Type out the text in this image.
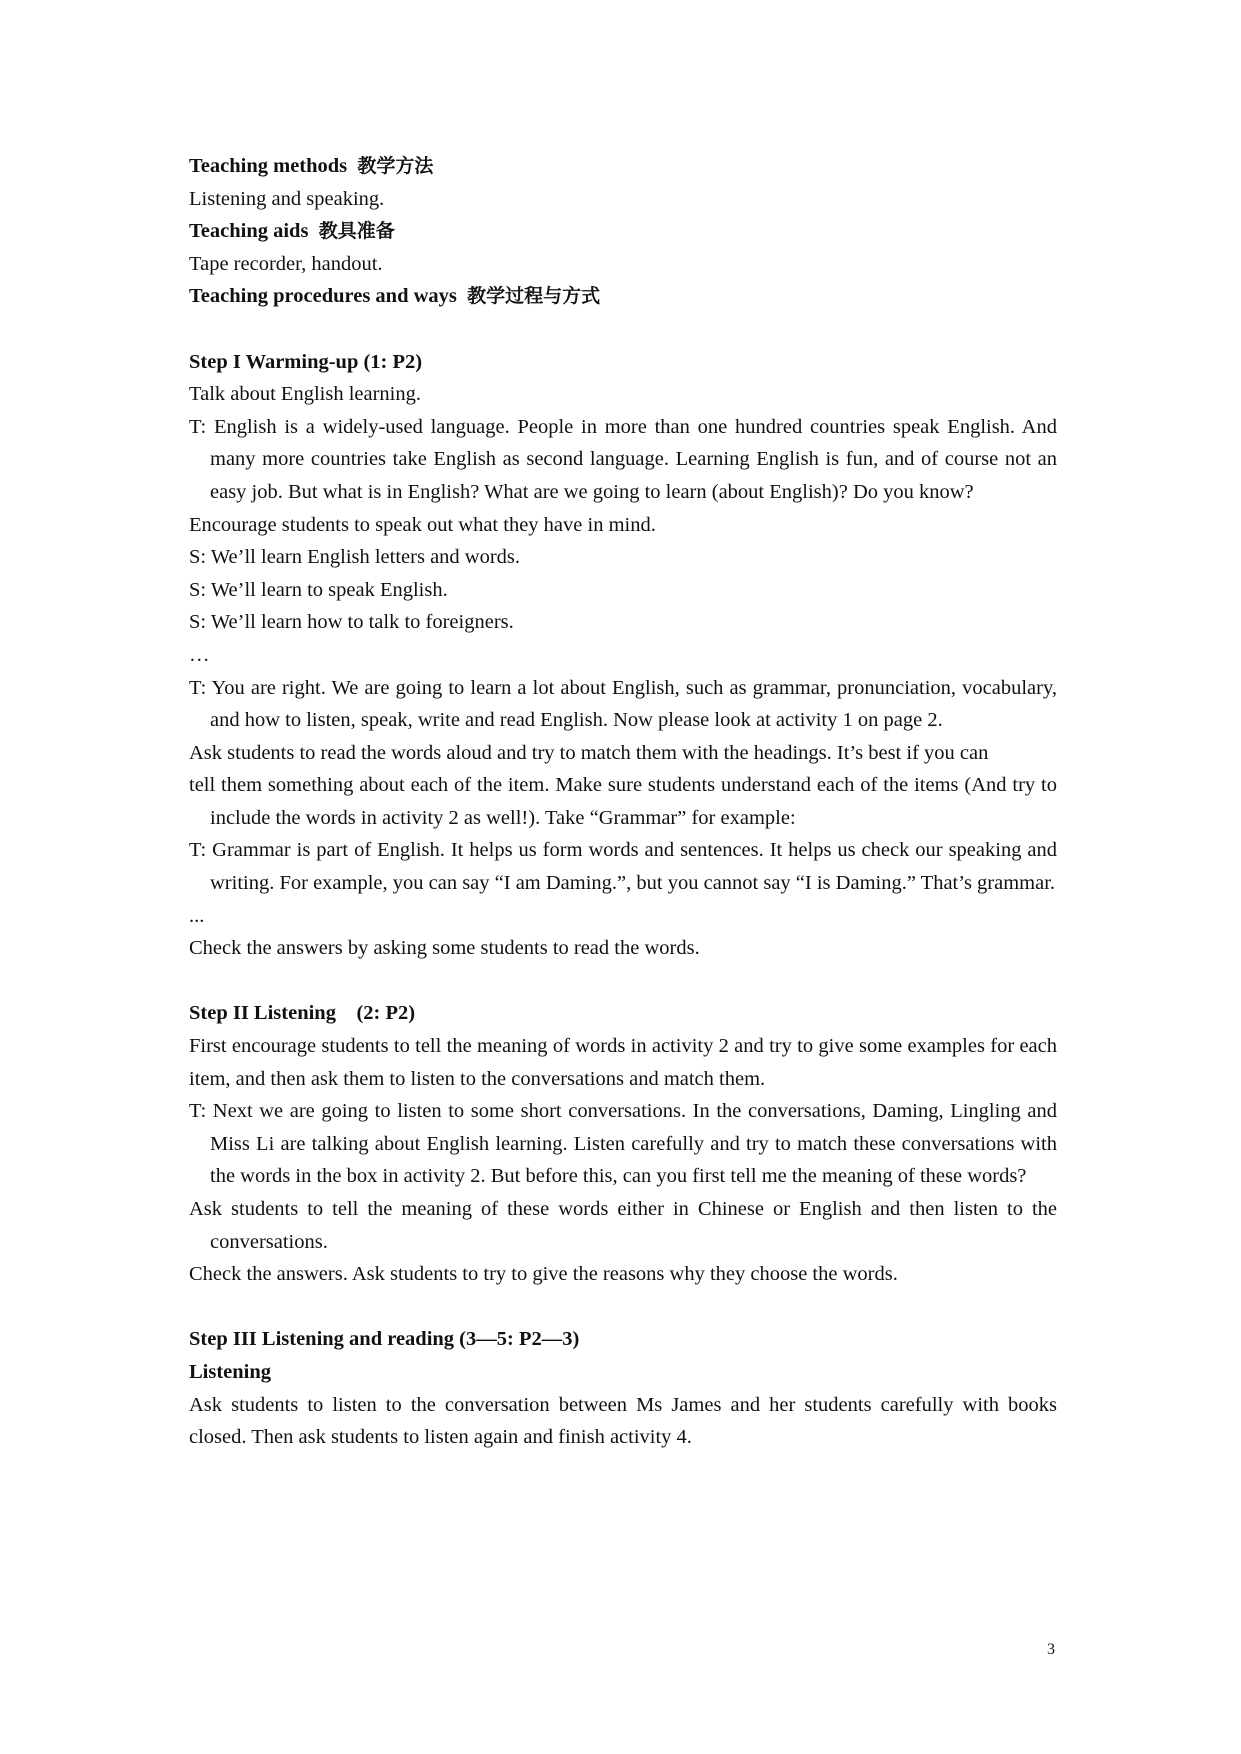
Teaching methods 教学方法

Listening and speaking.

Teaching aids 教具准备

Tape recorder, handout.

Teaching procedures and ways 教学过程与方式

Step I Warming-up (1: P2)

Talk about English learning.

T: English is a widely-used language. People in more than one hundred countries speak English. And many more countries take English as second language. Learning English is fun, and of course not an easy job. But what is in English? What are we going to learn (about English)? Do you know?

Encourage students to speak out what they have in mind.

S: We’ll learn English letters and words.

S: We’ll learn to speak English.

S: We’ll learn how to talk to foreigners.

…

T: You are right. We are going to learn a lot about English, such as grammar, pronunciation, vocabulary, and how to listen, speak, write and read English. Now please look at activity 1 on page 2.

Ask students to read the words aloud and try to match them with the headings. It’s best if you can

tell them something about each of the item. Make sure students understand each of the items (And try to include the words in activity 2 as well!). Take “Grammar” for example:

T: Grammar is part of English. It helps us form words and sentences. It helps us check our speaking and writing. For example, you can say “I am Daming.”, but you cannot say “I is Daming.” That’s grammar.

...

Check the answers by asking some students to read the words.

Step II Listening    (2: P2)

First encourage students to tell the meaning of words in activity 2 and try to give some examples for each item, and then ask them to listen to the conversations and match them.

T: Next we are going to listen to some short conversations. In the conversations, Daming, Lingling and Miss Li are talking about English learning. Listen carefully and try to match these conversations with the words in the box in activity 2. But before this, can you first tell me the meaning of these words?

Ask students to tell the meaning of these words either in Chinese or English and then listen to the conversations.

Check the answers. Ask students to try to give the reasons why they choose the words.

Step III Listening and reading (3—5: P2—3)

Listening

Ask students to listen to the conversation between Ms James and her students carefully with books closed. Then ask students to listen again and finish activity 4.

3
